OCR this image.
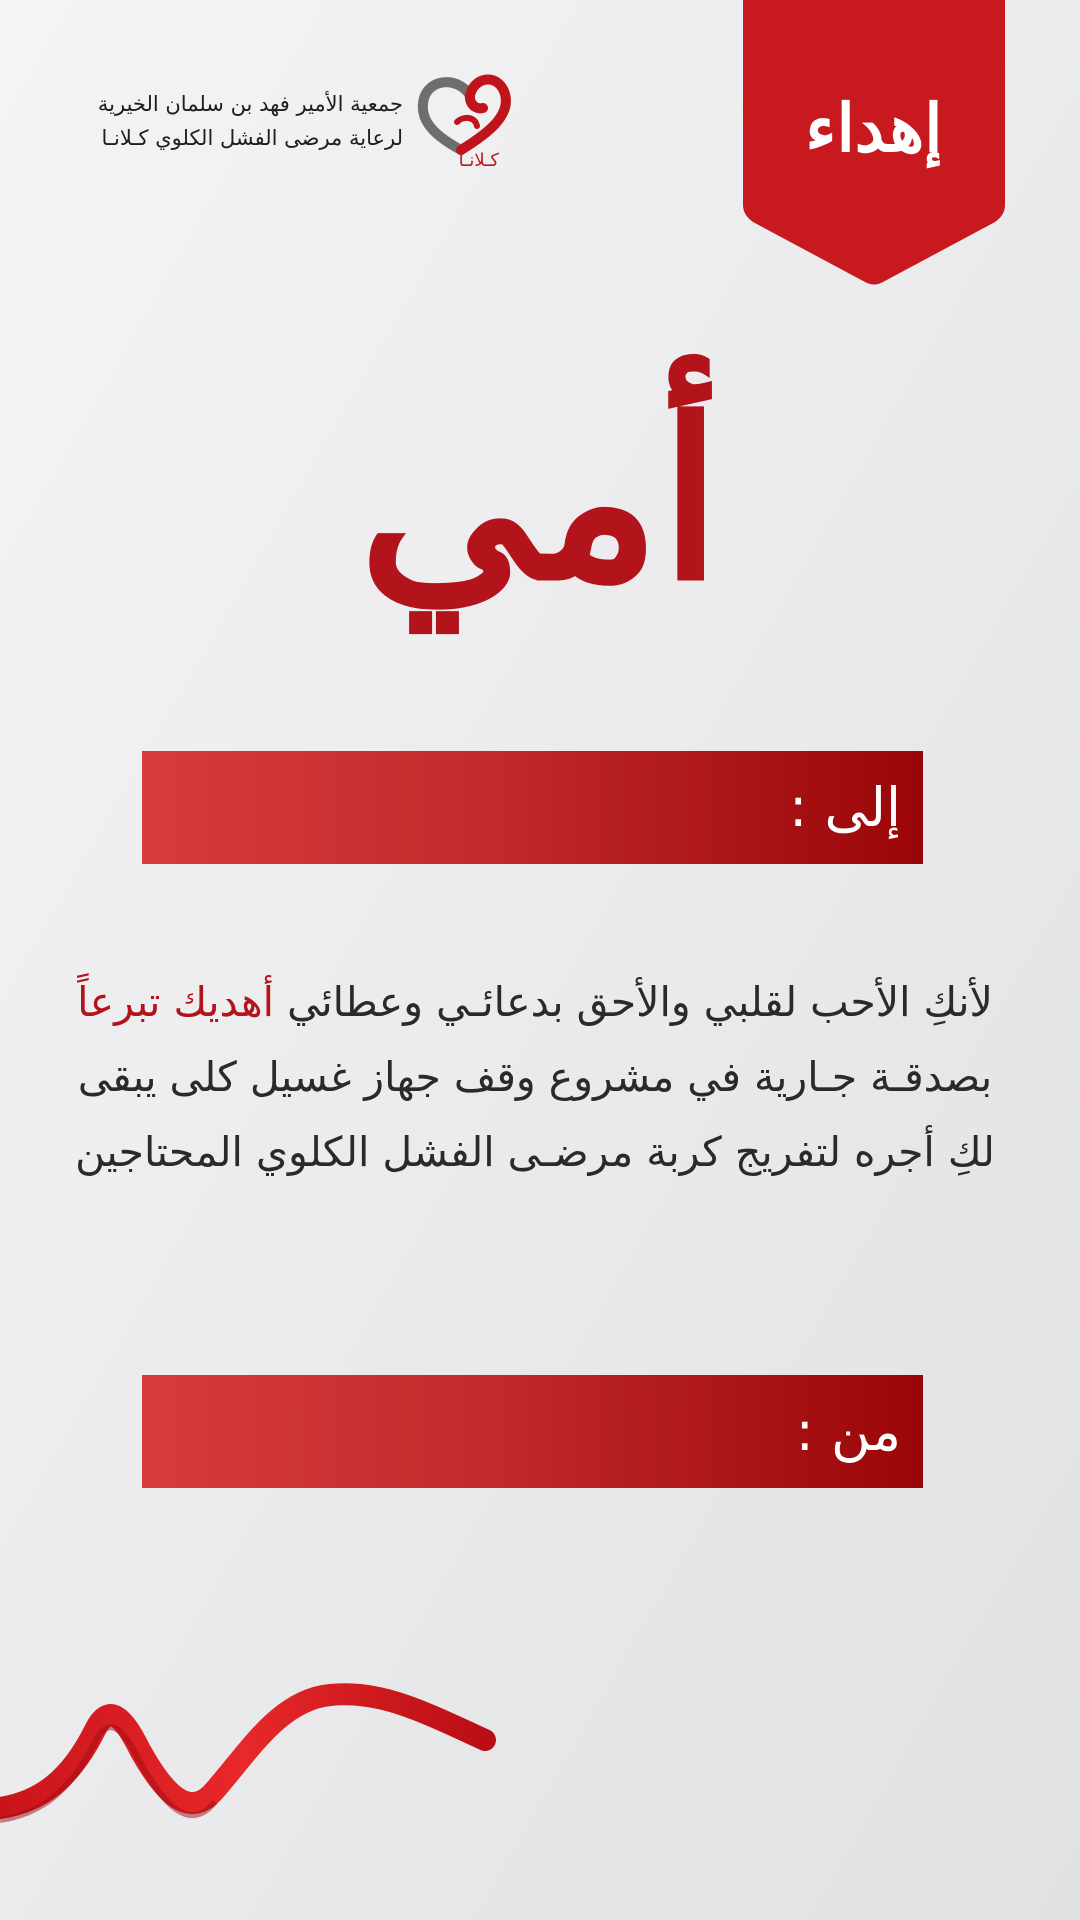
إهداء
جمعية الأمير فهد بن سلمان الخيرية
لرعاية مرضى الفشل الكلوي كـلانـا
كـلانـا
أمي
إلى :
لأنكِ الأحب لقلبي والأحق بدعائـي وعطائي أهديك تبرعاً بصدقـة جـارية في مشروع وقف جهاز غسيل كلى يبقى لكِ أجره لتفريج كربة مرضـى الفشل الكلوي المحتاجين
من :
